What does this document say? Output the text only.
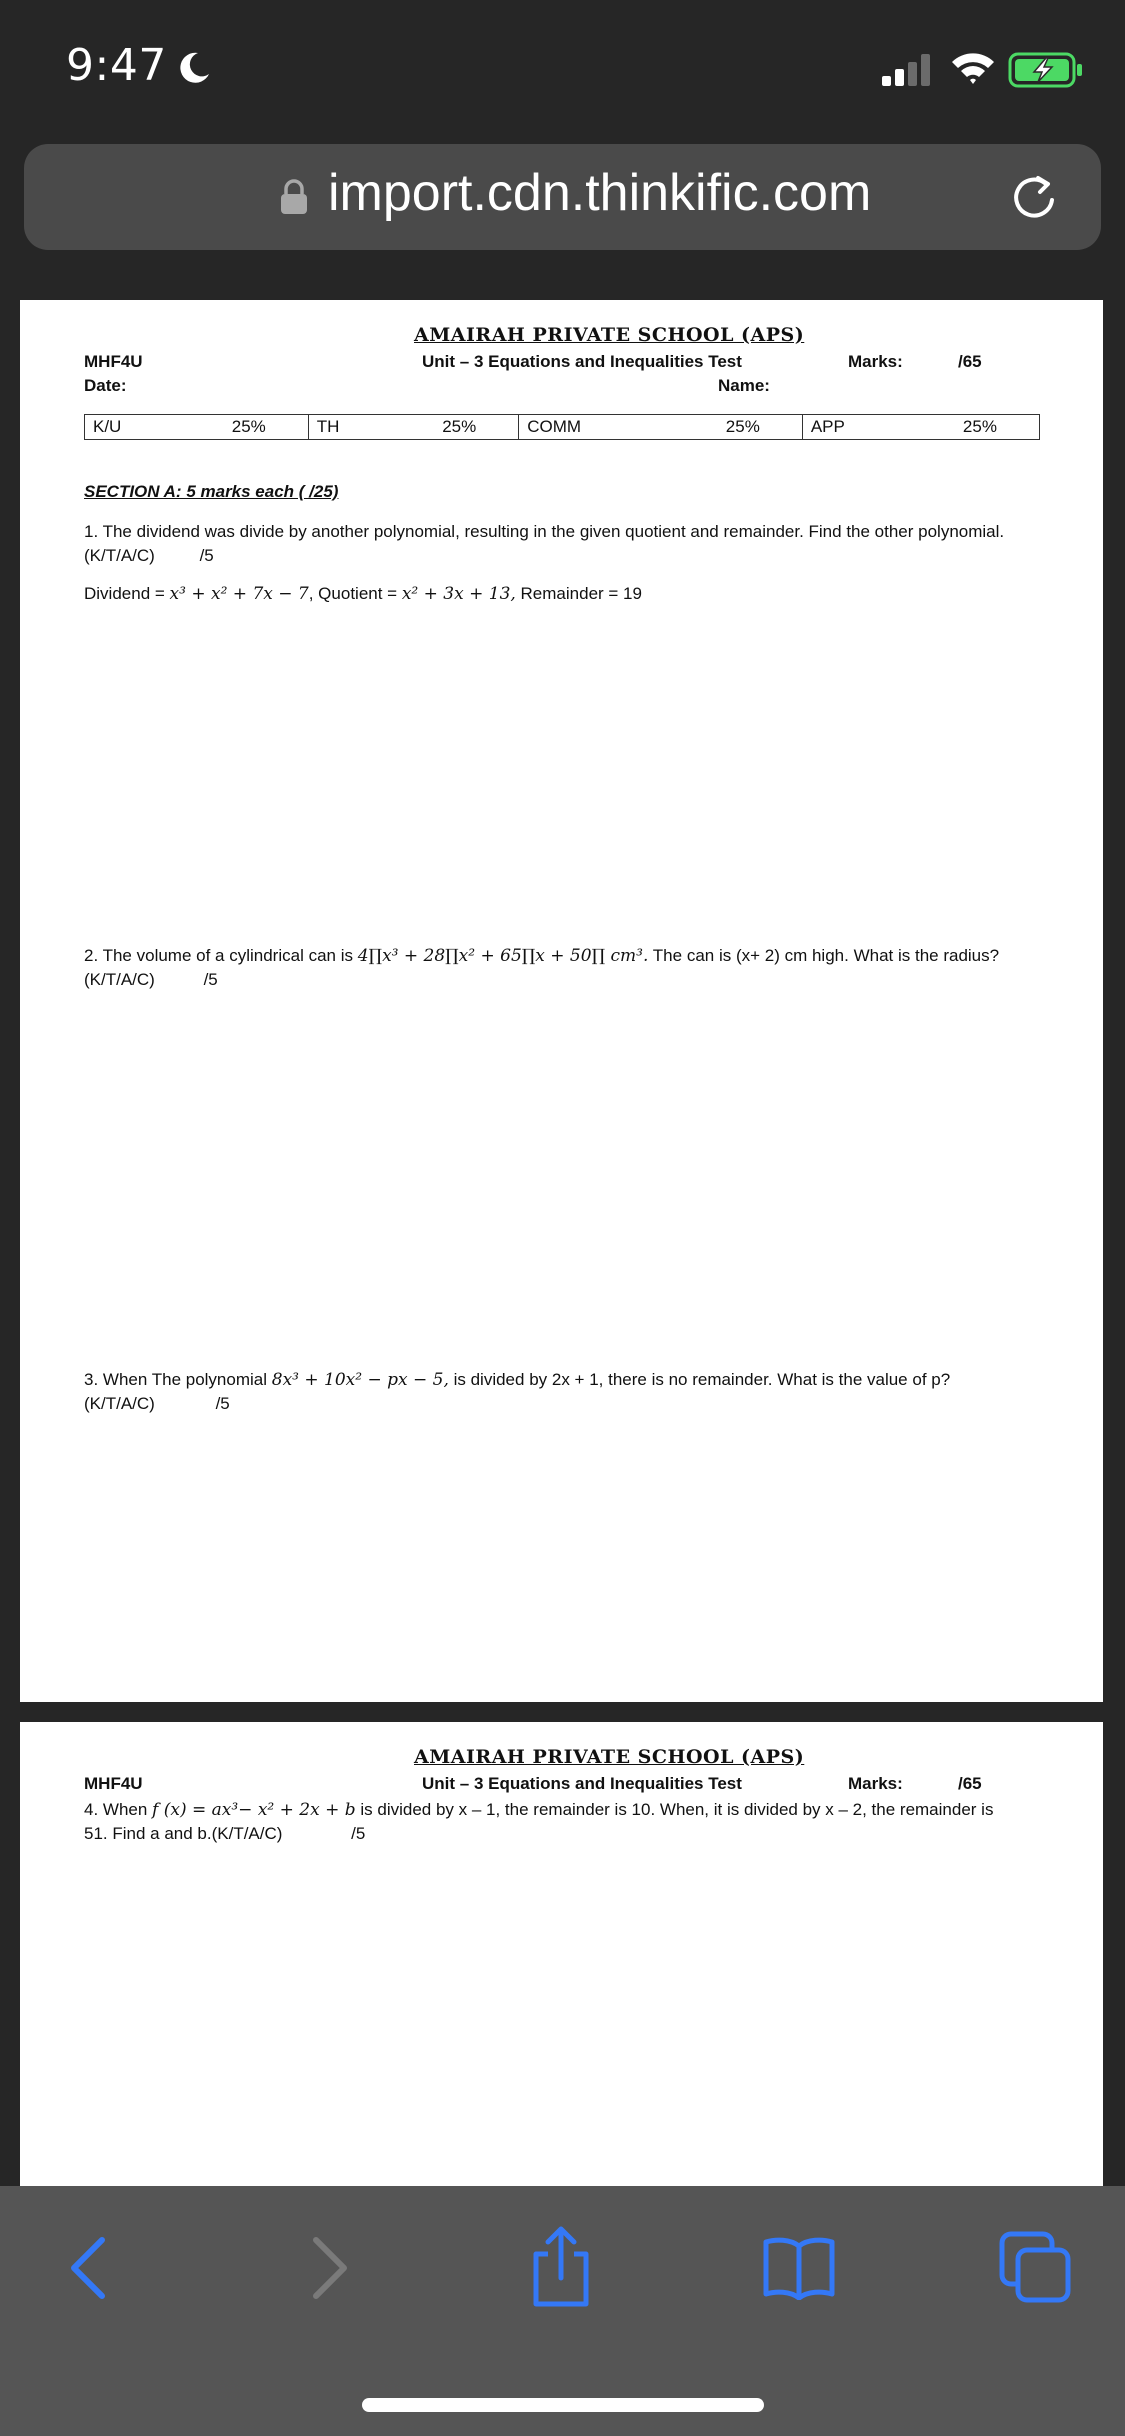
9:47
import.cdn.thinkific.com
AMAIRAH PRIVATE SCHOOL (APS)
MHF4U	Unit – 3 Equations and Inequalities Test	Marks:	/65
Date:	Name:
K/U	25%	TH	25%	COMM	25%	APP	25%
SECTION A: 5 marks each ( /25)
1. The dividend was divide by another polynomial, resulting in the given quotient and remainder. Find the other polynomial. (K/T/A/C)	/5
Dividend = x³ + x² + 7x − 7, Quotient = x² + 3x + 13, Remainder = 19
2. The volume of a cylindrical can is 4∏x³ + 28∏x² + 65∏x + 50∏ cm³. The can is (x+ 2) cm high. What is the radius?
(K/T/A/C)	/5
3. When The polynomial 8x³ + 10x² − px − 5, is divided by 2x + 1, there is no remainder. What is the value of p?
(K/T/A/C)	/5
AMAIRAH PRIVATE SCHOOL (APS)
MHF4U	Unit – 3 Equations and Inequalities Test	Marks:	/65
4. When f (x) = ax³− x² + 2x + b is divided by x – 1, the remainder is 10. When, it is divided by x – 2, the remainder is
51. Find a and b.(K/T/A/C)	/5
